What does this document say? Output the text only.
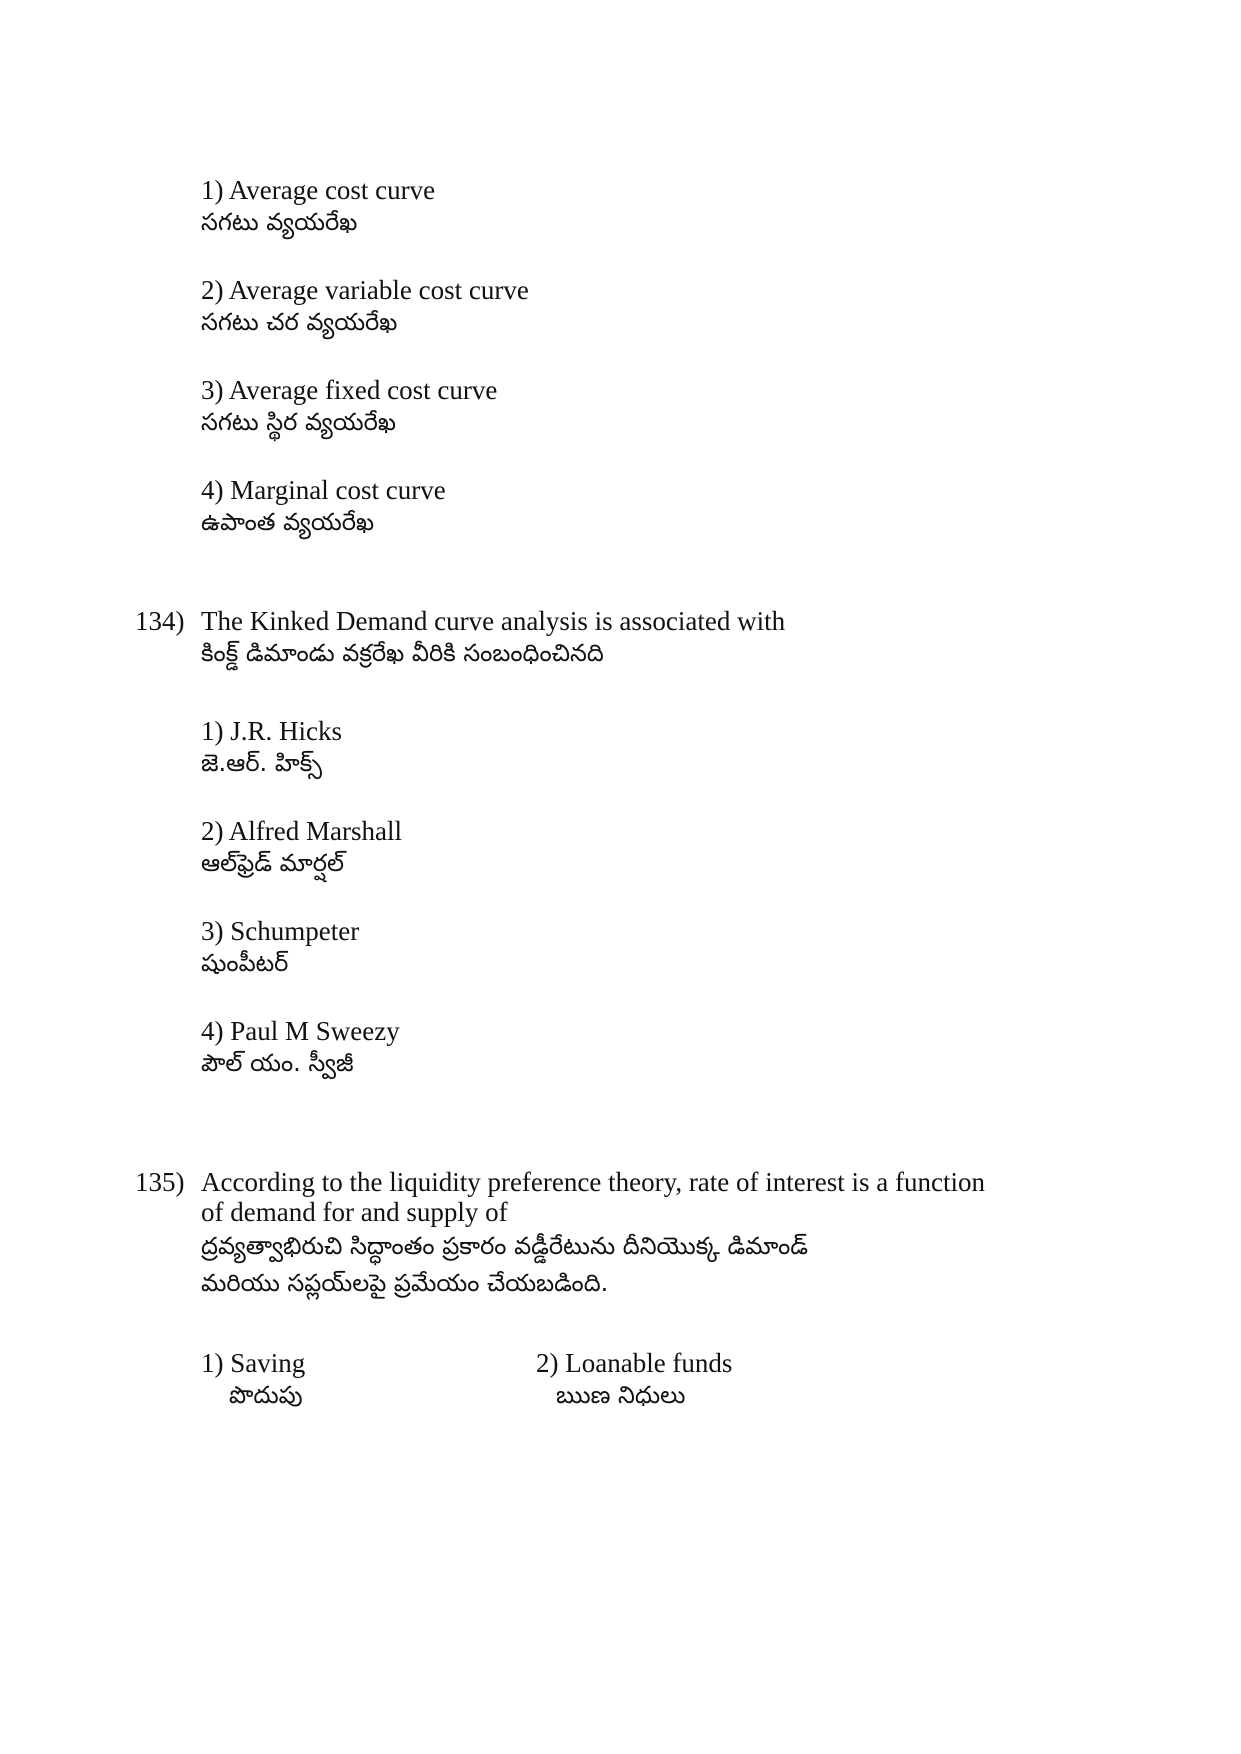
1) Average cost curve
సగటు వ్యయరేఖ
2) Average variable cost curve
సగటు చర వ్యయరేఖ
3) Average fixed cost curve
సగటు స్థిర వ్యయరేఖ
4) Marginal cost curve
ఉపాంత వ్యయరేఖ
134) The Kinked Demand curve analysis is associated with
కింక్డ్ డిమాండు వక్రరేఖ వీరికి సంబంధించినది
1) J.R. Hicks
జె.ఆర్. హిక్స్
2) Alfred Marshall
ఆల్‌ఫ్రెడ్ మార్షల్
3) Schumpeter
షుంపీటర్
4) Paul M Sweezy
పౌల్ యం. స్వీజీ
135) According to the liquidity preference theory, rate of interest is a function
of demand for and supply of
ద్రవ్యత్వాభిరుచి సిద్ధాంతం ప్రకారం వడ్డీరేటును దీనియొక్క డిమాండ్
మరియు సప్లయ్‌లపై ప్రమేయం చేయబడింది.
1) Saving
పొదుపు
2) Loanable funds
ఋణ నిధులు
